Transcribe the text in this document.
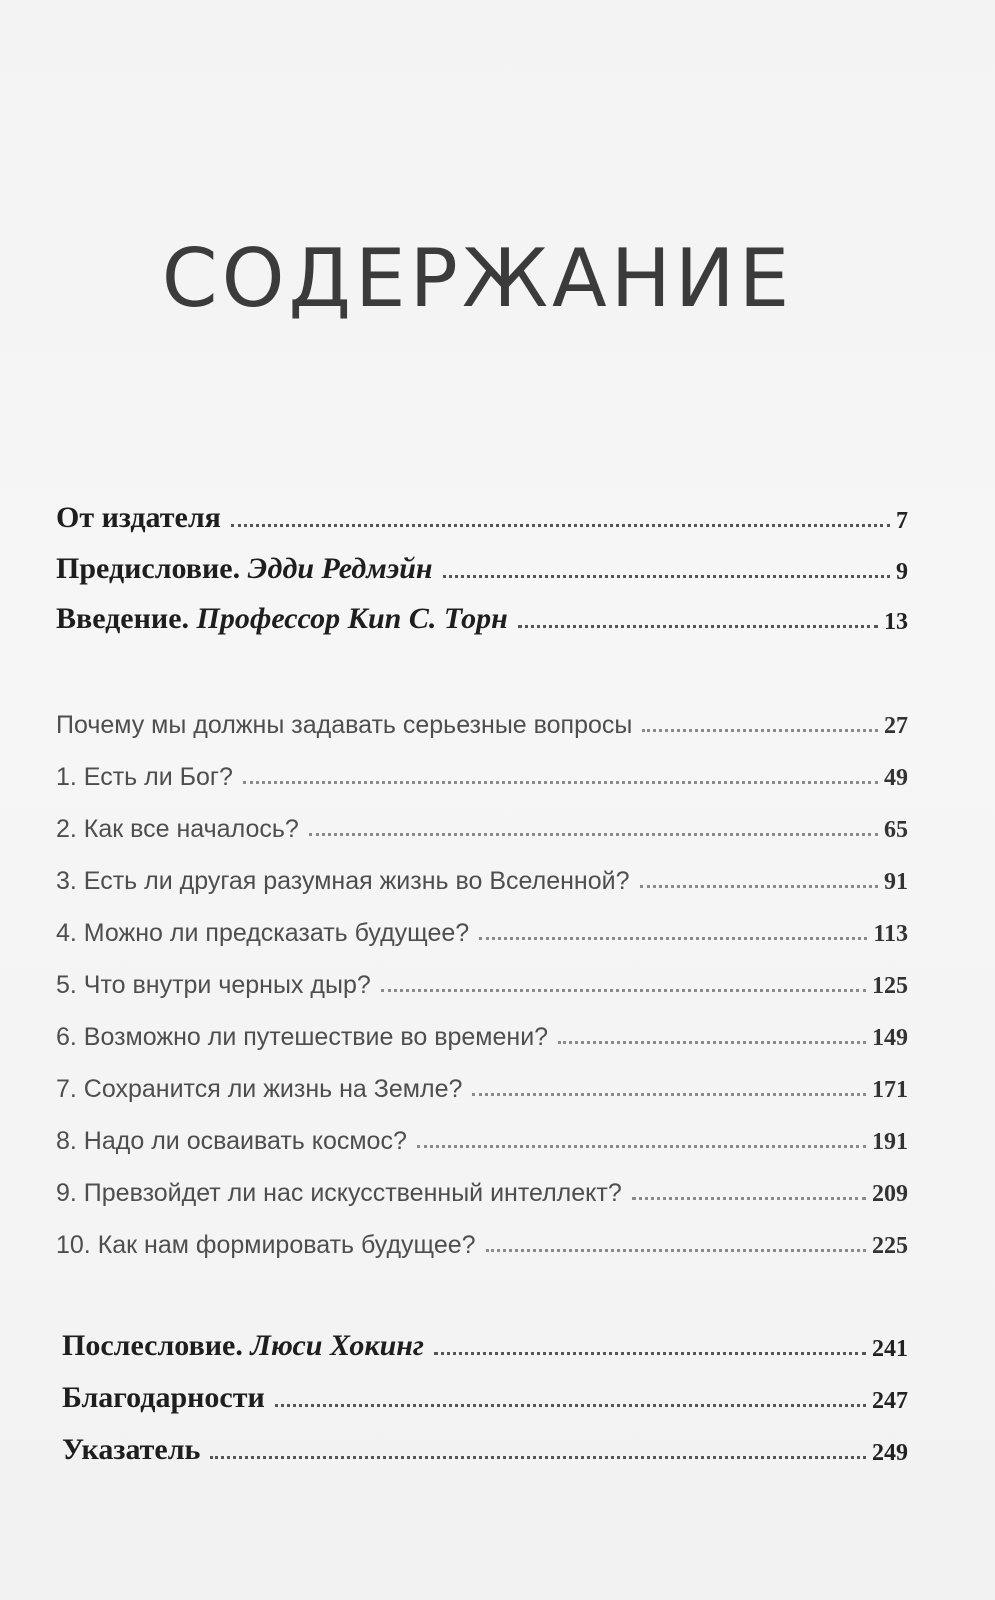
СОДЕРЖАНИЕ
От издателя	7
Предисловие. Эдди Редмэйн	9
Введение. Профессор Кип С. Торн	13
Почему мы должны задавать серьезные вопросы	27
1. Есть ли Бог?	49
2. Как все началось?	65
3. Есть ли другая разумная жизнь во Вселенной?	91
4. Можно ли предсказать будущее?	113
5. Что внутри черных дыр?	125
6. Возможно ли путешествие во времени?	149
7. Сохранится ли жизнь на Земле?	171
8. Надо ли осваивать космос?	191
9. Превзойдет ли нас искусственный интеллект?	209
10. Как нам формировать будущее?	225
Послесловие. Люси Хокинг	241
Благодарности	247
Указатель	249
